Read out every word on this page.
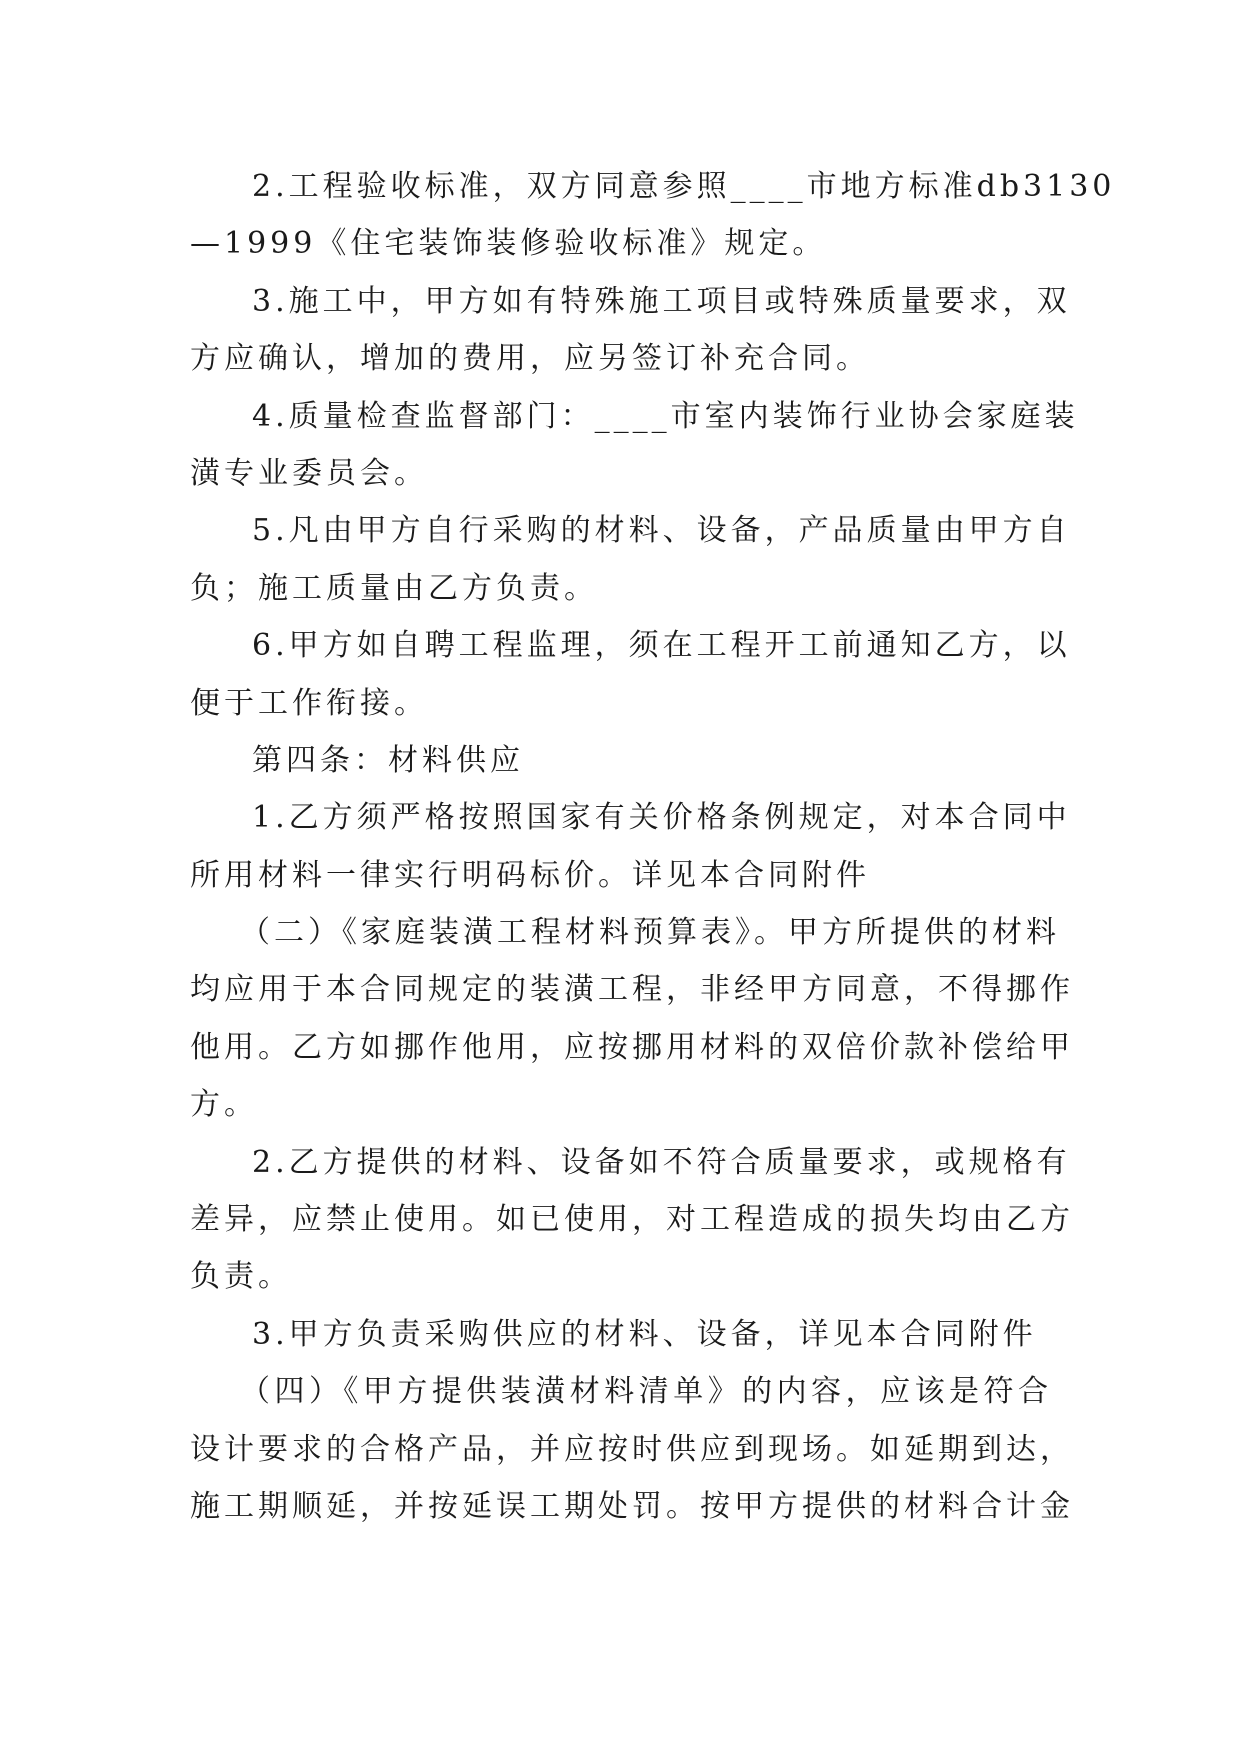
2.工程验收标准，双方同意参照____市地方标准db3130
—1999《住宅装饰装修验收标准》规定。
3.施工中，甲方如有特殊施工项目或特殊质量要求，双
方应确认，增加的费用，应另签订补充合同。
4.质量检查监督部门：____市室内装饰行业协会家庭装
潢专业委员会。
5.凡由甲方自行采购的材料、设备，产品质量由甲方自
负；施工质量由乙方负责。
6.甲方如自聘工程监理，须在工程开工前通知乙方，以
便于工作衔接。
第四条：材料供应
1.乙方须严格按照国家有关价格条例规定，对本合同中
所用材料一律实行明码标价。详见本合同附件
（二）《家庭装潢工程材料预算表》。甲方所提供的材料
均应用于本合同规定的装潢工程，非经甲方同意，不得挪作
他用。乙方如挪作他用，应按挪用材料的双倍价款补偿给甲
方。
2.乙方提供的材料、设备如不符合质量要求，或规格有
差异，应禁止使用。如已使用，对工程造成的损失均由乙方
负责。
3.甲方负责采购供应的材料、设备，详见本合同附件
（四）《甲方提供装潢材料清单》的内容，应该是符合
设计要求的合格产品，并应按时供应到现场。如延期到达，
施工期顺延，并按延误工期处罚。按甲方提供的材料合计金
